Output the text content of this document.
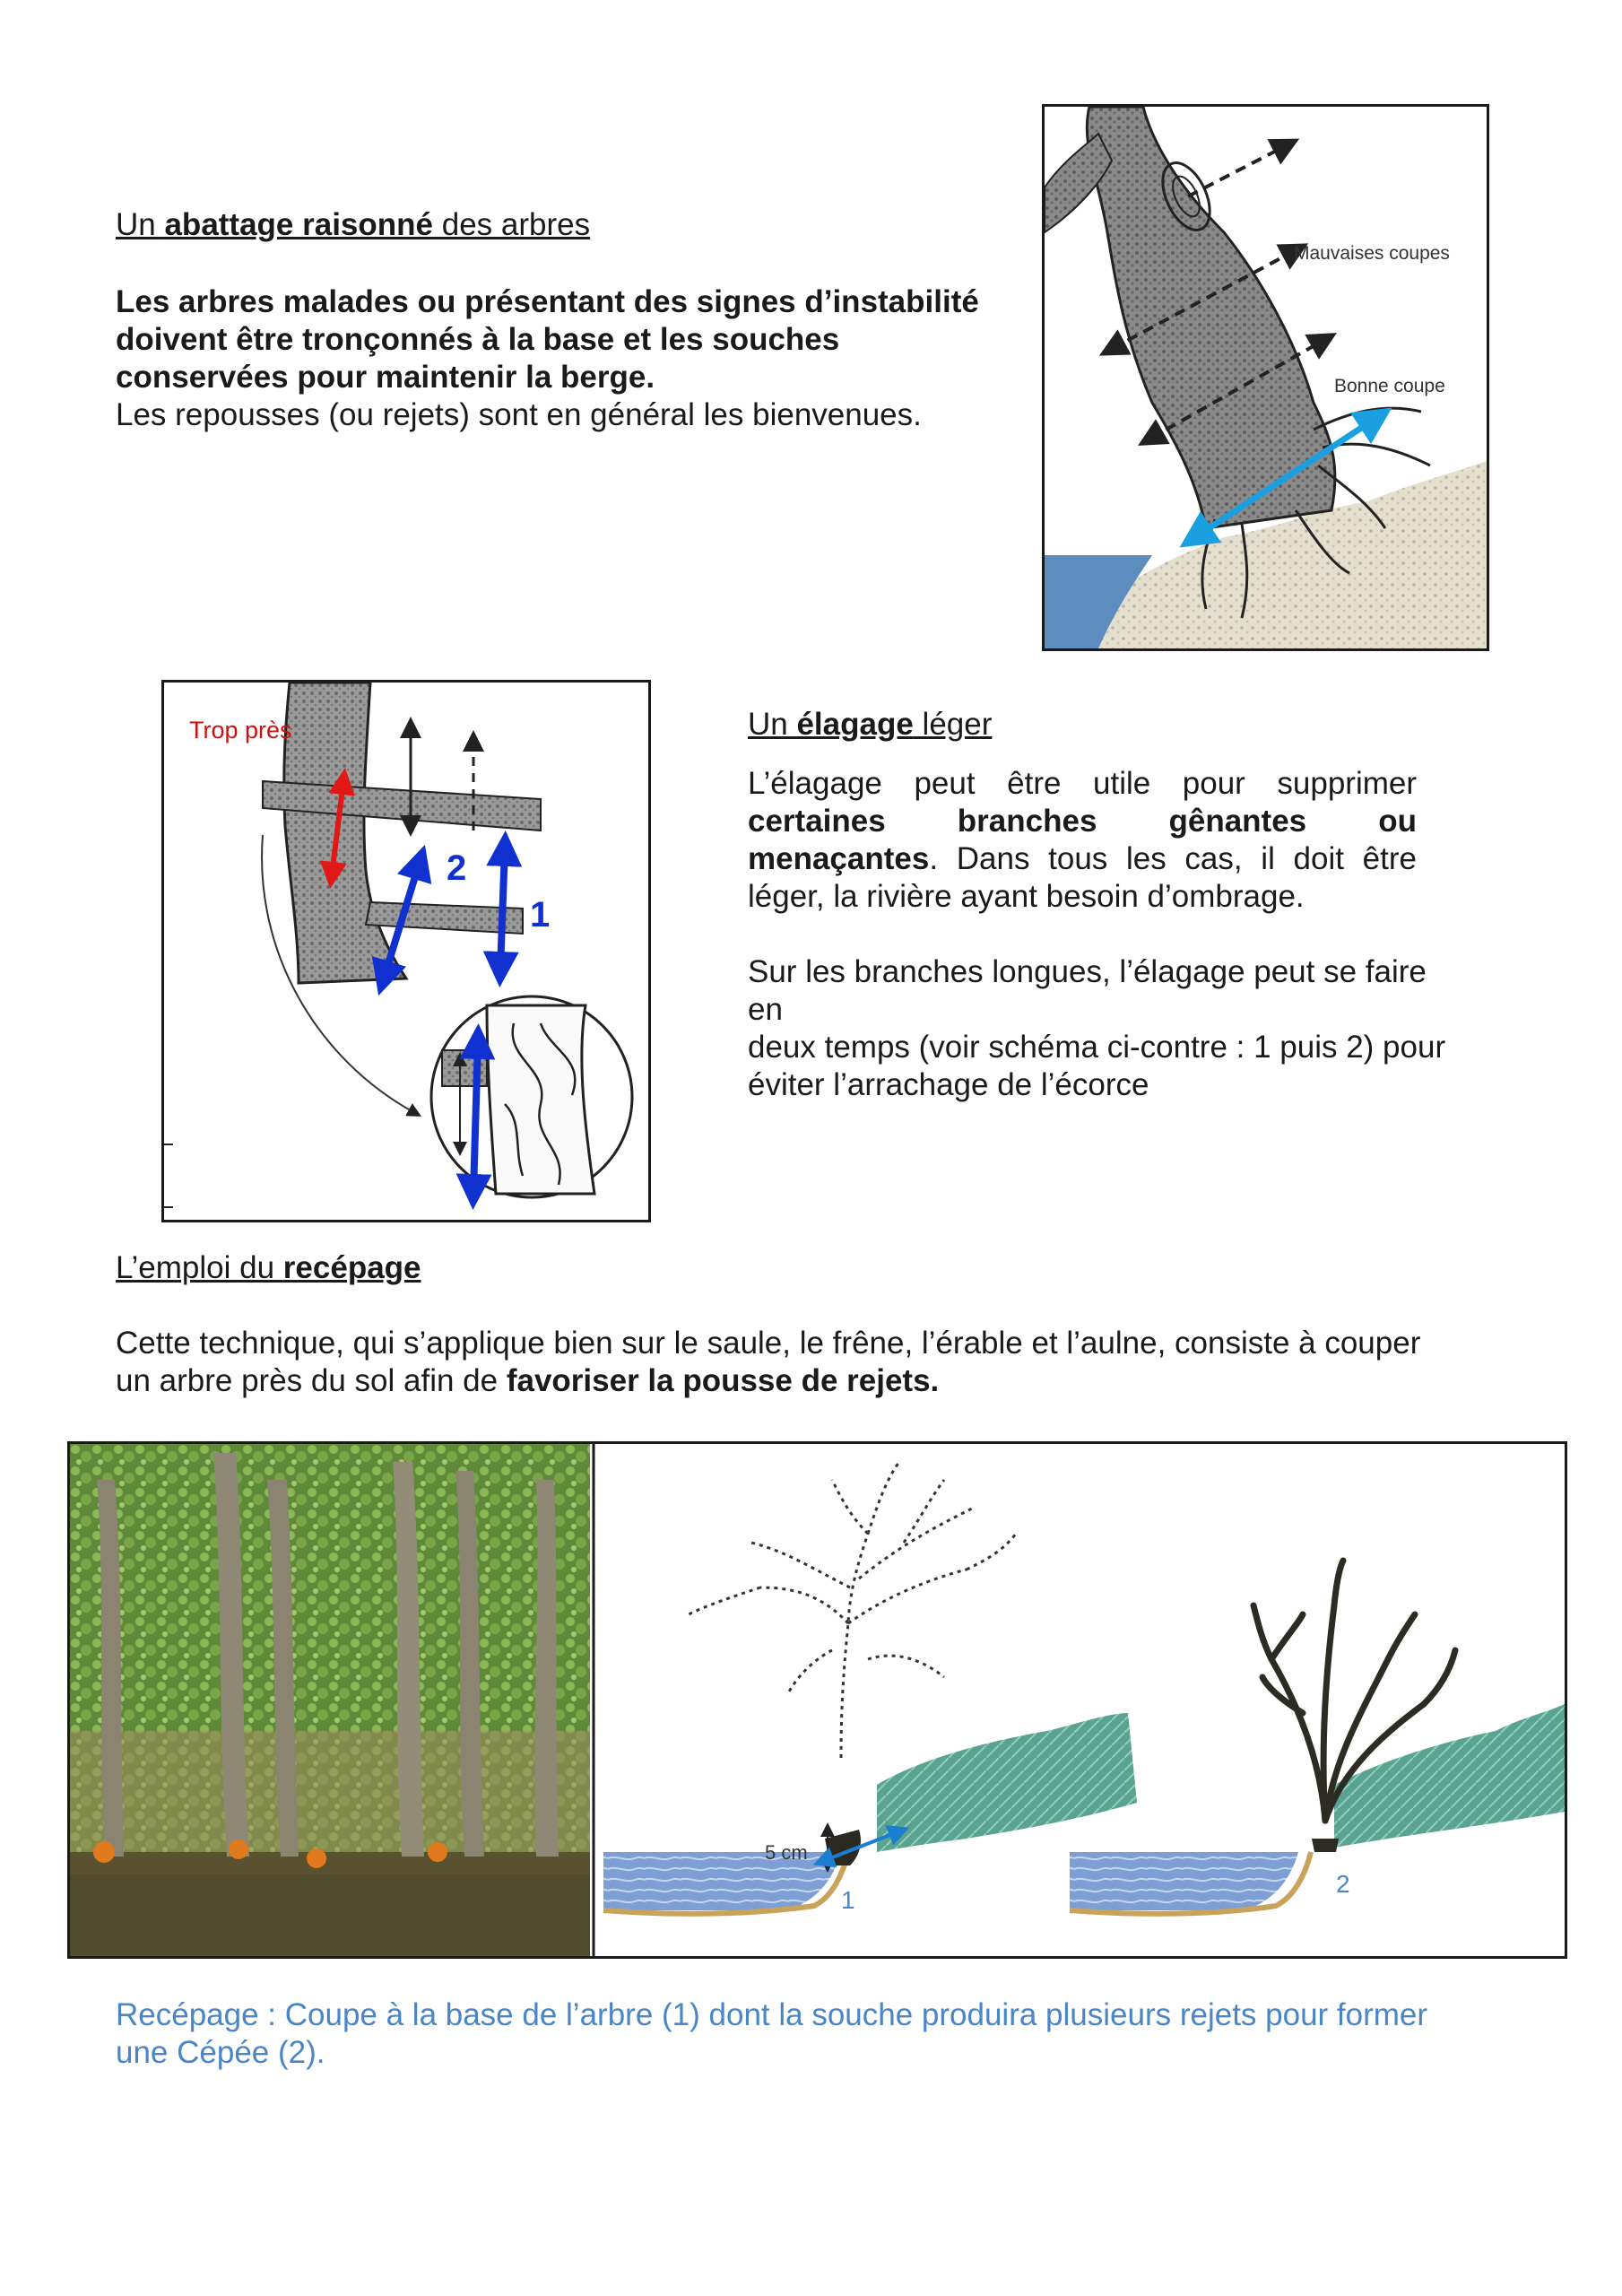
Un abattage raisonné des arbres

Les arbres malades ou présentant des signes d’instabilité
doivent être tronçonnés à la base et les souches
conservées pour maintenir la berge.
Les repousses (ou rejets) sont en général les bienvenues.
Mauvaises coupes
Bonne coupe
Trop près
2
1

Un élagage léger

L’élagage peut être utile pour supprimer
certaines branches gênantes ou
menaçantes. Dans tous les cas, il doit être
léger, la rivière ayant besoin d’ombrage.
Sur les branches longues, l’élagage peut se faire en
deux temps (voir schéma ci-contre : 1 puis 2) pour
éviter l’arrachage de l’écorce

L’emploi du recépage

Cette technique, qui s’applique bien sur le saule, le frêne, l’érable et l’aulne, consiste à couper
un arbre près du sol afin de favoriser la pousse de rejets.
5 cm
1
2
Recépage : Coupe à la base de l’arbre (1) dont la souche produira plusieurs rejets pour former
une Cépée (2).
